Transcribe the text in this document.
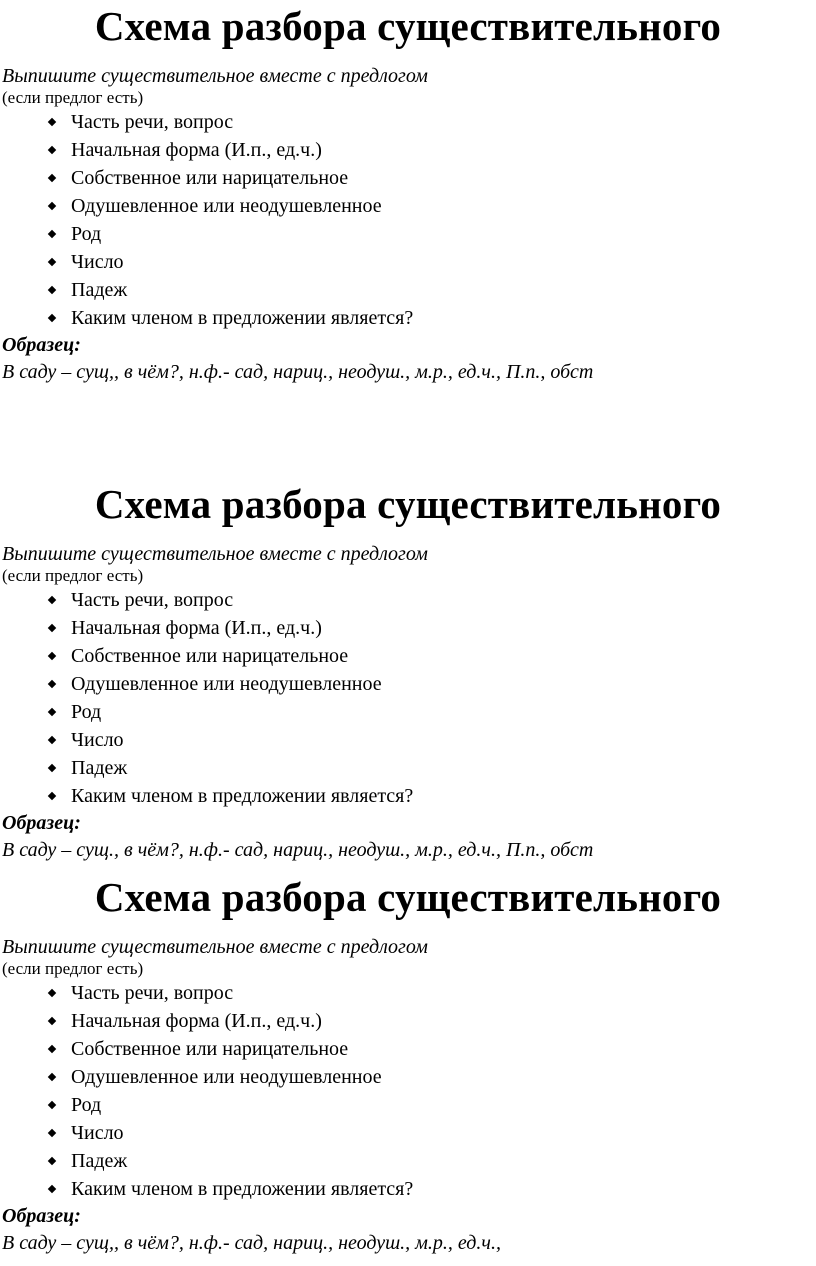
Схема разбора существительного
Выпишите существительное вместе с предлогом
(если предлог есть)
Часть речи, вопрос
Начальная форма (И.п., ед.ч.)
Собственное или нарицательное
Одушевленное или неодушевленное
Род
Число
Падеж
Каким членом в предложении является?
Образец:
В саду – сущ,, в чём?, н.ф.- сад, нариц., неодуш., м.р., ед.ч., П.п., обст
Схема разбора существительного
Выпишите существительное вместе с предлогом
(если предлог есть)
Часть речи, вопрос
Начальная форма (И.п., ед.ч.)
Собственное или нарицательное
Одушевленное или неодушевленное
Род
Число
Падеж
Каким членом в предложении является?
Образец:
В саду – сущ., в чём?, н.ф.- сад, нариц., неодуш., м.р., ед.ч., П.п., обст
Схема разбора существительного
Выпишите существительное вместе с предлогом
(если предлог есть)
Часть речи, вопрос
Начальная форма (И.п., ед.ч.)
Собственное или нарицательное
Одушевленное или неодушевленное
Род
Число
Падеж
Каким членом в предложении является?
Образец:
В саду – сущ,, в чём?, н.ф.- сад, нариц., неодуш., м.р., ед.ч.,
